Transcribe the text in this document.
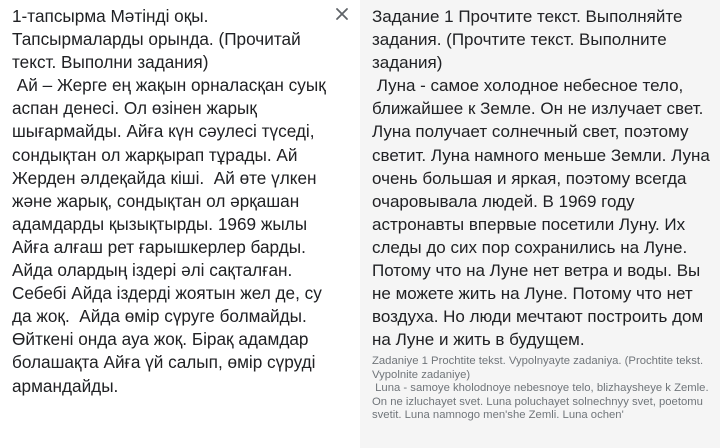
1-тапсырма Мәтінді оқы. Тапсырмаларды орында. (Прочитай текст. Выполни задания)
Ай – Жерге ең жақын орналасқан суық аспан денесі. Ол өзінен жарық шығармайды. Айға күн сәулесі түседі, сондықтан ол жарқырап тұрады. Ай Жерден әлдеқайда кіші.  Ай өте үлкен және жарық, сондықтан ол әрқашан адамдарды қызықтырды. 1969 жылы Айға алғаш рет ғарышкерлер барды. Айда олардың іздері әлі сақталған. Себебі Айда іздерді жоятын жел де, су да жоқ.  Айда өмір сүруге болмайды. Өйткені онда ауа жоқ. Бірақ адамдар болашақта Айға үй салып, өмір сүруді армандайды.

Задание 1 Прочтите текст. Выполняйте задания. (Прочтите текст. Выполните задания)
Луна - самое холодное небесное тело, ближайшее к Земле. Он не излучает свет. Луна получает солнечный свет, поэтому светит. Луна намного меньше Земли. Луна очень большая и яркая, поэтому всегда очаровывала людей. В 1969 году астронавты впервые посетили Луну. Их следы до сих пор сохранились на Луне. Потому что на Луне нет ветра и воды. Вы не можете жить на Луне. Потому что нет воздуха. Но люди мечтают построить дом на Луне и жить в будущем.

Zadaniye 1 Prochtite tekst. Vypolnyayte zadaniya. (Prochtite tekst. Vypolnite zadaniye)
Luna - samoye kholodnoye nebesnoye telo, blizhaysheye k Zemle. On ne izluchayet svet. Luna poluchayet solnechnyy svet, poetomu svetit. Luna namnogo men'she Zemli. Luna ochen'
